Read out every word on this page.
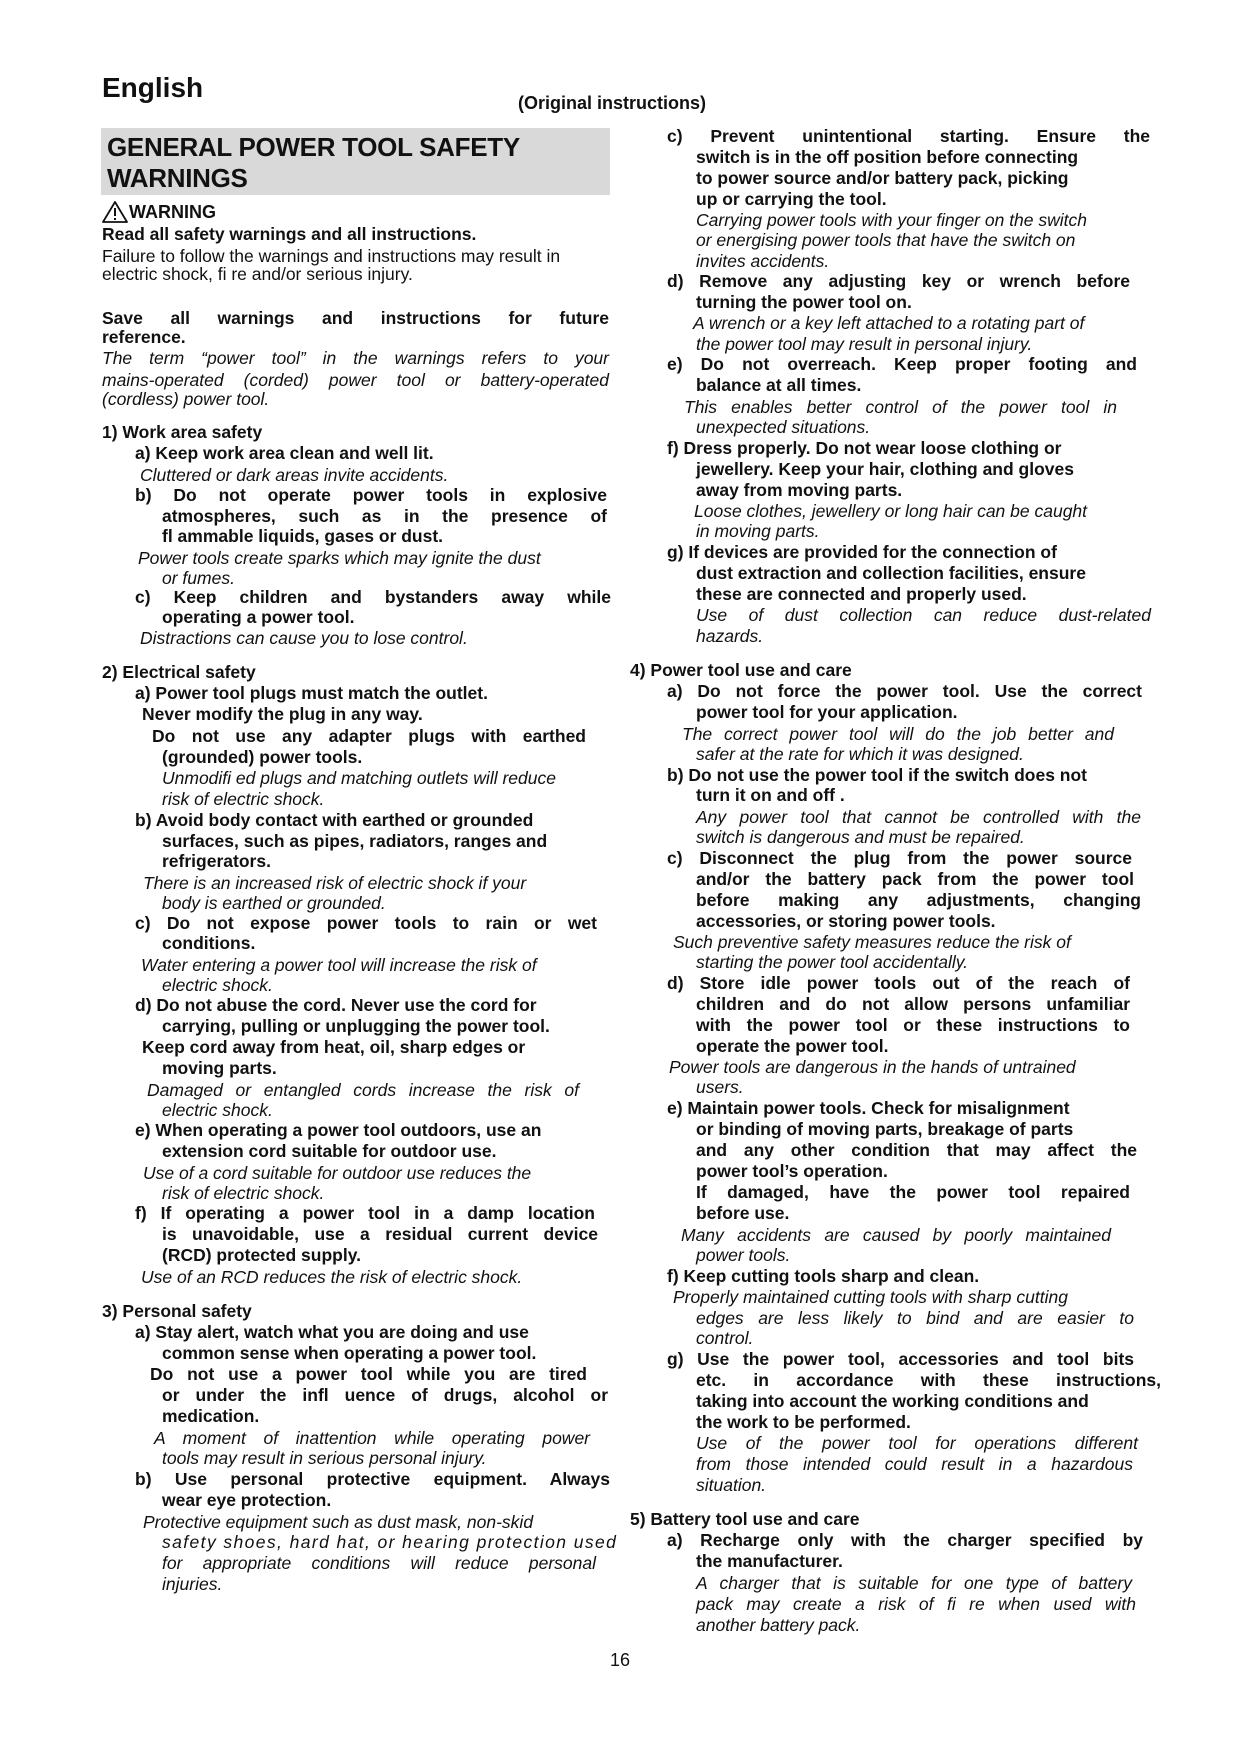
English	(Original instructions)
GENERAL POWER TOOL SAFETY
WARNINGS
WARNING
Read all safety warnings and all instructions.
Failure to follow the warnings and instructions may result in
electric shock, fi re and/or serious injury.
Save all warnings and instructions for future
reference.
The term “power tool” in the warnings refers to your
mains-operated (corded) power tool or battery-operated
(cordless) power tool.
1) Work area safety
a) Keep work area clean and well lit.
Cluttered or dark areas invite accidents.
b) Do not operate power tools in explosive
atmospheres, such as in the presence of
fl ammable liquids, gases or dust.
Power tools create sparks which may ignite the dust
or fumes.
c) Keep children and bystanders away while
operating a power tool.
Distractions can cause you to lose control.
2) Electrical safety
a) Power tool plugs must match the outlet.
Never modify the plug in any way.
Do not use any adapter plugs with earthed
(grounded) power tools.
Unmodifi ed plugs and matching outlets will reduce
risk of electric shock.
b) Avoid body contact with earthed or grounded
surfaces, such as pipes, radiators, ranges and
refrigerators.
There is an increased risk of electric shock if your
body is earthed or grounded.
c) Do not expose power tools to rain or wet
conditions.
Water entering a power tool will increase the risk of
electric shock.
d) Do not abuse the cord. Never use the cord for
carrying, pulling or unplugging the power tool.
Keep cord away from heat, oil, sharp edges or
moving parts.
Damaged or entangled cords increase the risk of
electric shock.
e) When operating a power tool outdoors, use an
extension cord suitable for outdoor use.
Use of a cord suitable for outdoor use reduces the
risk of electric shock.
f) If operating a power tool in a damp location
is unavoidable, use a residual current device
(RCD) protected supply.
Use of an RCD reduces the risk of electric shock.
3) Personal safety
a) Stay alert, watch what you are doing and use
common sense when operating a power tool.
Do not use a power tool while you are tired
or under the infl uence of drugs, alcohol or
medication.
A moment of inattention while operating power
tools may result in serious personal injury.
b) Use personal protective equipment. Always
wear eye protection.
Protective equipment such as dust mask, non-skid
safety shoes, hard hat, or hearing protection used
for appropriate conditions will reduce personal
injuries.
c) Prevent unintentional starting. Ensure the
switch is in the off position before connecting
to power source and/or battery pack, picking
up or carrying the tool.
Carrying power tools with your finger on the switch
or energising power tools that have the switch on
invites accidents.
d) Remove any adjusting key or wrench before
turning the power tool on.
A wrench or a key left attached to a rotating part of
the power tool may result in personal injury.
e) Do not overreach. Keep proper footing and
balance at all times.
This enables better control of the power tool in
unexpected situations.
f) Dress properly. Do not wear loose clothing or
jewellery. Keep your hair, clothing and gloves
away from moving parts.
Loose clothes, jewellery or long hair can be caught
in moving parts.
g) If devices are provided for the connection of
dust extraction and collection facilities, ensure
these are connected and properly used.
Use of dust collection can reduce dust-related
hazards.
4) Power tool use and care
a) Do not force the power tool. Use the correct
power tool for your application.
The correct power tool will do the job better and
safer at the rate for which it was designed.
b) Do not use the power tool if the switch does not
turn it on and off .
Any power tool that cannot be controlled with the
switch is dangerous and must be repaired.
c) Disconnect the plug from the power source
and/or the battery pack from the power tool
before making any adjustments, changing
accessories, or storing power tools.
Such preventive safety measures reduce the risk of
starting the power tool accidentally.
d) Store idle power tools out of the reach of
children and do not allow persons unfamiliar
with the power tool or these instructions to
operate the power tool.
Power tools are dangerous in the hands of untrained
users.
e) Maintain power tools. Check for misalignment
or binding of moving parts, breakage of parts
and any other condition that may affect the
power tool’s operation.
If damaged, have the power tool repaired
before use.
Many accidents are caused by poorly maintained
power tools.
f) Keep cutting tools sharp and clean.
Properly maintained cutting tools with sharp cutting
edges are less likely to bind and are easier to
control.
g) Use the power tool, accessories and tool bits
etc. in accordance with these instructions,
taking into account the working conditions and
the work to be performed.
Use of the power tool for operations different
from those intended could result in a hazardous
situation.
5) Battery tool use and care
a) Recharge only with the charger specified by
the manufacturer.
A charger that is suitable for one type of battery
pack may create a risk of fi re when used with
another battery pack.
16
